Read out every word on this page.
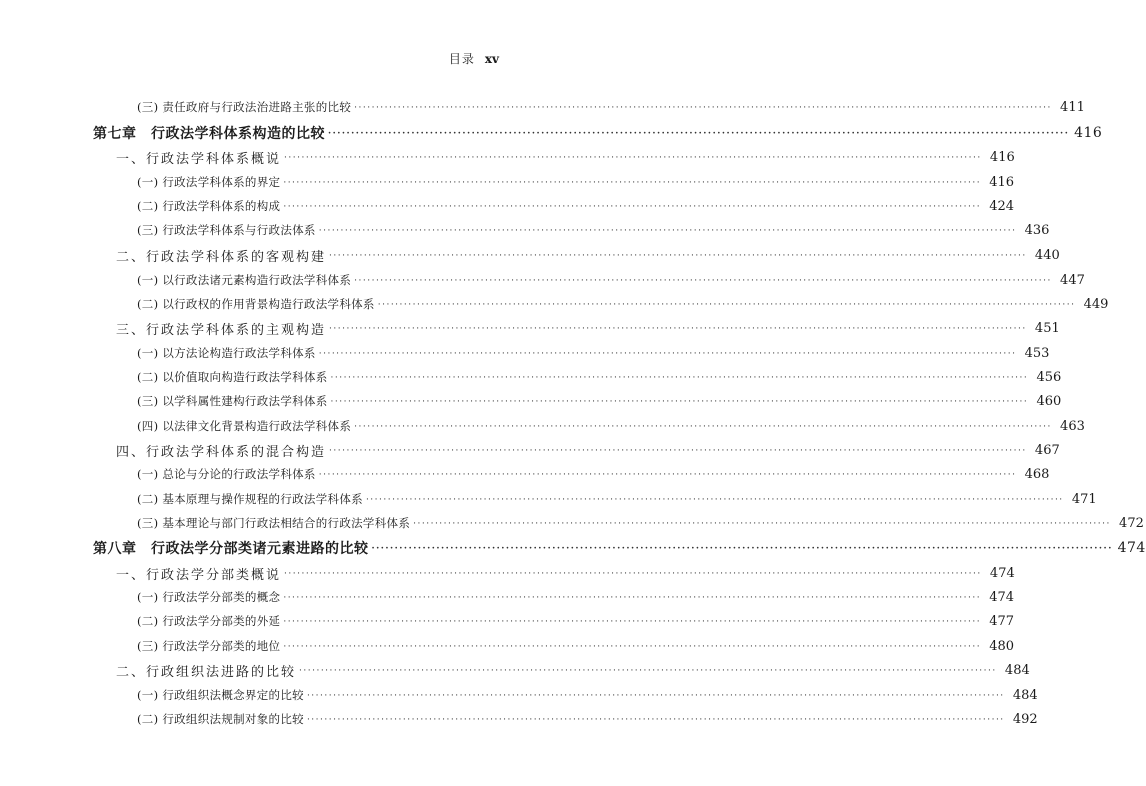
目录 xv
(三) 责任政府与行政法治进路主张的比较 ································································································································································ 411
第七章　行政法学科体系构造的比较 ································································································································································ 416
一、行政法学科体系概说 ································································································································································ 416
(一) 行政法学科体系的界定 ································································································································································ 416
(二) 行政法学科体系的构成 ································································································································································ 424
(三) 行政法学科体系与行政法体系 ································································································································································ 436
二、行政法学科体系的客观构建 ································································································································································ 440
(一) 以行政法诸元素构造行政法学科体系 ································································································································································ 447
(二) 以行政权的作用背景构造行政法学科体系 ································································································································································ 449
三、行政法学科体系的主观构造 ································································································································································ 451
(一) 以方法论构造行政法学科体系 ································································································································································ 453
(二) 以价值取向构造行政法学科体系 ································································································································································ 456
(三) 以学科属性建构行政法学科体系 ································································································································································ 460
(四) 以法律文化背景构造行政法学科体系 ································································································································································ 463
四、行政法学科体系的混合构造 ································································································································································ 467
(一) 总论与分论的行政法学科体系 ································································································································································ 468
(二) 基本原理与操作规程的行政法学科体系 ································································································································································ 471
(三) 基本理论与部门行政法相结合的行政法学科体系 ································································································································································ 472
第八章　行政法学分部类诸元素进路的比较 ································································································································································ 474
一、行政法学分部类概说 ································································································································································ 474
(一) 行政法学分部类的概念 ································································································································································ 474
(二) 行政法学分部类的外延 ································································································································································ 477
(三) 行政法学分部类的地位 ································································································································································ 480
二、行政组织法进路的比较 ································································································································································ 484
(一) 行政组织法概念界定的比较 ································································································································································ 484
(二) 行政组织法规制对象的比较 ································································································································································ 492
